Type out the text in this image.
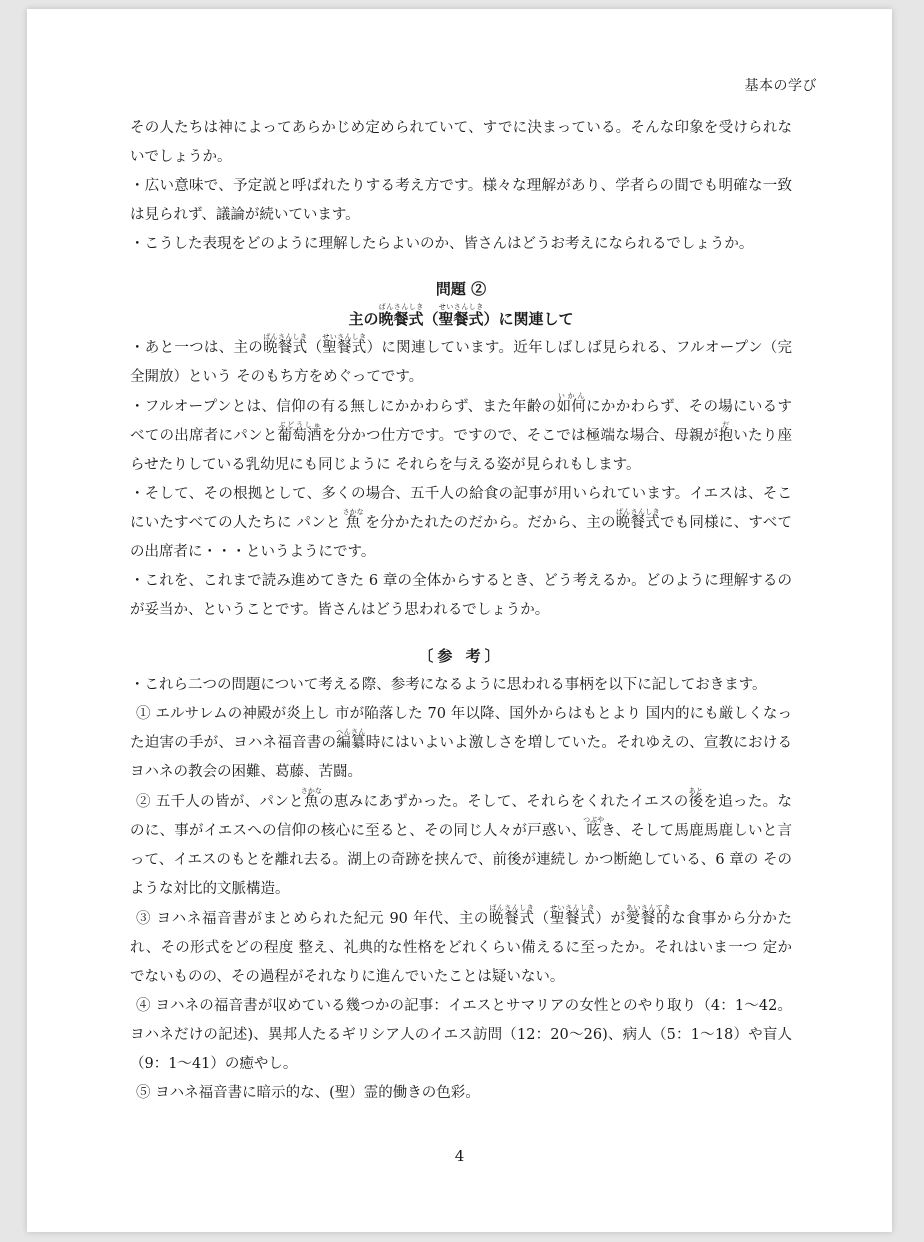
基本の学び

その人たちは神によってあらかじめ定められていて、すでに決まっている。そんな印象を受けられないでしょうか。

・広い意味で、予定説と呼ばれたりする考え方です。様々な理解があり、学者らの間でも明確な一致は見られず、議論が続いています。

・こうした表現をどのように理解したらよいのか、皆さんはどうお考えになられるでしょうか。

問題 ②

主の晩餐式ばんさんしき（聖餐式せいさんしき）に関連して

・あと一つは、主の晩餐式ばんさんしき（聖餐式せいさんしき）に関連しています。近年しばしば見られる、フルオープン（完全開放）という そのもち方をめぐってです。

・フルオープンとは、信仰の有る無しにかかわらず、また年齢の如何いかんにかかわらず、その場にいるすべての出席者にパンと葡萄酒ぶどうしゅを分かつ仕方です。ですので、そこでは極端な場合、母親が抱だいたり座らせたりしている乳幼児にも同じように それらを与える姿が見られもします。

・そして、その根拠として、多くの場合、五千人の給食の記事が用いられています。イエスは、そこにいたすべての人たちに パンと 魚さかな を分かたれたのだから。だから、主の晩餐式ばんさんしきでも同様に、すべての出席者に・・・というようにです。

・これを、これまで読み進めてきた 6 章の全体からするとき、どう考えるか。どのように理解するのが妥当か、ということです。皆さんはどう思われるでしょうか。

〔参 考〕

・これら二つの問題について考える際、参考になるように思われる事柄を以下に記しておきます。

① エルサレムの神殿が炎上し 市が陥落した 70 年以降、国外からはもとより 国内的にも厳しくなった迫害の手が、ヨハネ福音書の編纂へんさん時にはいよいよ激しさを増していた。それゆえの、宣教における ヨハネの教会の困難、葛藤、苦闘。

② 五千人の皆が、パンと魚さかなの恵みにあずかった。そして、それらをくれたイエスの後あとを追った。なのに、事がイエスへの信仰の核心に至ると、その同じ人々が戸惑い、呟つぶやき、そして馬鹿馬鹿しいと言って、イエスのもとを離れ去る。湖上の奇跡を挟んで、前後が連続し かつ断絶している、6 章の そのような対比的文脈構造。

③ ヨハネ福音書がまとめられた紀元 90 年代、主の晩餐式ばんさんしき（聖餐式せいさんしき）が愛餐的あいさんてきな食事から分かたれ、その形式をどの程度 整え、礼典的な性格をどれくらい備えるに至ったか。それはいま一つ 定かでないものの、その過程がそれなりに進んでいたことは疑いない。

④ ヨハネの福音書が収めている幾つかの記事：イエスとサマリアの女性とのやり取り（4：1〜42。ヨハネだけの記述)、異邦人たるギリシア人のイエス訪問（12：20〜26)、病人（5：1〜18）や盲人（9：1〜41）の癒やし。

⑤ ヨハネ福音書に暗示的な、(聖）霊的働きの色彩。

4
